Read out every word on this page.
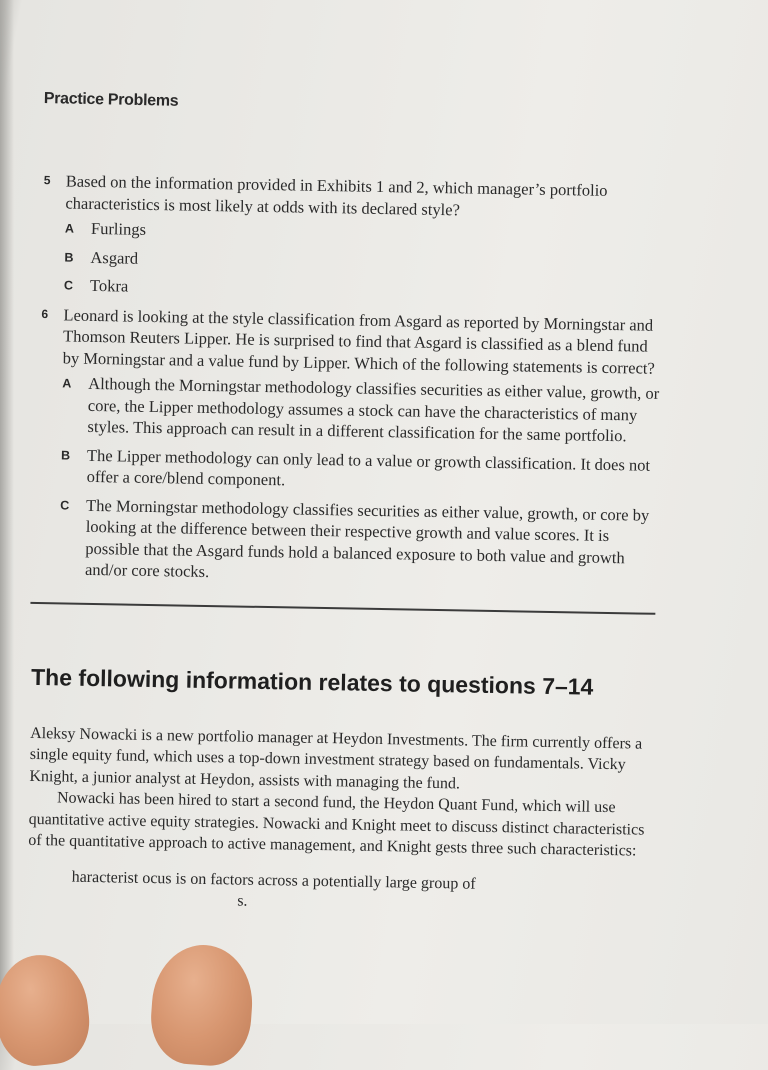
Practice Problems
5 Based on the information provided in Exhibits 1 and 2, which manager’s portfolio characteristics is most likely at odds with its declared style?
A Furlings
B Asgard
C Tokra
6 Leonard is looking at the style classification from Asgard as reported by Morningstar and Thomson Reuters Lipper. He is surprised to find that Asgard is classified as a blend fund by Morningstar and a value fund by Lipper. Which of the following statements is correct?
A Although the Morningstar methodology classifies securities as either value, growth, or core, the Lipper methodology assumes a stock can have the characteristics of many styles. This approach can result in a different classification for the same portfolio.
B The Lipper methodology can only lead to a value or growth classification. It does not offer a core/blend component.
C The Morningstar methodology classifies securities as either value, growth, or core by looking at the difference between their respective growth and value scores. It is possible that the Asgard funds hold a balanced exposure to both value and growth and/or core stocks.
The following information relates to questions 7–14

Aleksy Nowacki is a new portfolio manager at Heydon Investments. The firm currently offers a single equity fund, which uses a top-down investment strategy based on fundamentals. Vicky Knight, a junior analyst at Heydon, assists with managing the fund.

Nowacki has been hired to start a second fund, the Heydon Quant Fund, which will use quantitative active equity strategies. Nowacki and Knight meet to discuss distinct characteristics of the quantitative approach to active management, and Knight gests three such characteristics:

haracterist ocus is on factors across a potentially large group of
s.
